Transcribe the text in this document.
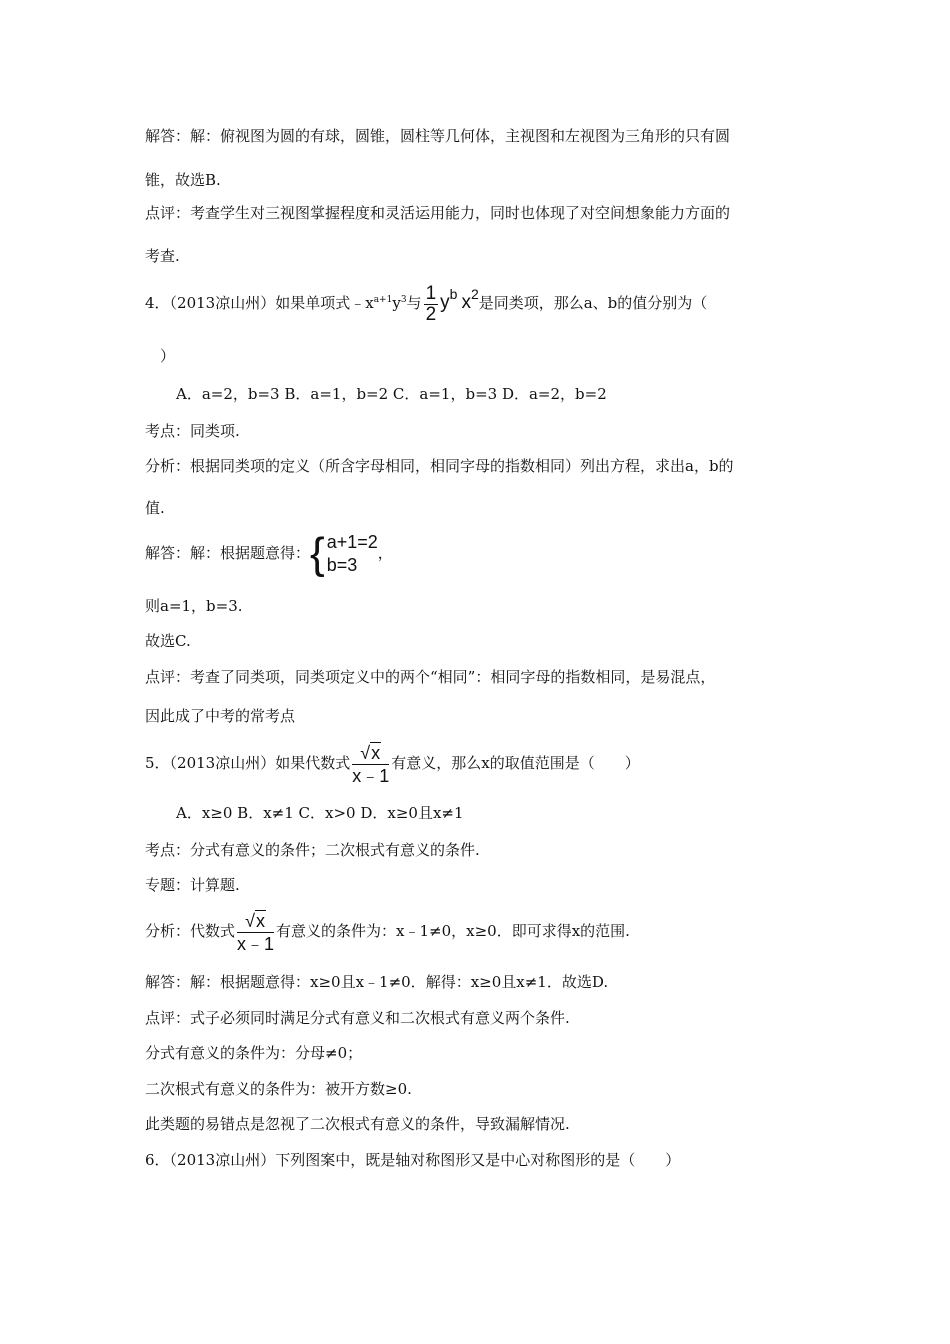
解答：解：俯视图为圆的有球，圆锥，圆柱等几何体，主视图和左视图为三角形的只有圆
锥，故选B.
点评：考查学生对三视图掌握程度和灵活运用能力，同时也体现了对空间想象能力方面的
考查.
4．（2013凉山州）如果单项式$﹣x^{a+1}y^3$与 $\frac{1}{2} y^b$ $x^2$是同类项，那么a、b的值分别为（
）
A．a=2，b=3 B．a=1，b=2 C．a=1，b=3 D．a=2，b=2
考点：同类项.
分析：根据同类项的定义（所含字母相同，相同字母的指数相同）列出方程，求出a，b的
值.
解答：解：根据题意得： { a+1=2
b=3
，
则a=1，b=3.
故选C.
点评：考查了同类项，同类项定义中的两个“相同”：相同字母的指数相同，是易混点，
因此成了中考的常考点
5．（2013凉山州）如果代数式 $\frac{√x}{x﹣1}$ 有意义，那么x的取值范围是（　　）
A．x≥0 B．x≠1 C．x>0 D．x≥0且x≠1
考点：分式有意义的条件；二次根式有意义的条件.
专题：计算题.
分析：代数式 $\frac{√x}{x﹣1}$ 有意义的条件为：x﹣1≠0，x≥0．即可求得x的范围.
解答：解：根据题意得：x≥0且x﹣1≠0．解得：x≥0且x≠1．故选D.
点评：式子必须同时满足分式有意义和二次根式有意义两个条件.
分式有意义的条件为：分母≠0；
二次根式有意义的条件为：被开方数≥0.
此类题的易错点是忽视了二次根式有意义的条件，导致漏解情况.
6．（2013凉山州）下列图案中，既是轴对称图形又是中心对称图形的是（　　）
